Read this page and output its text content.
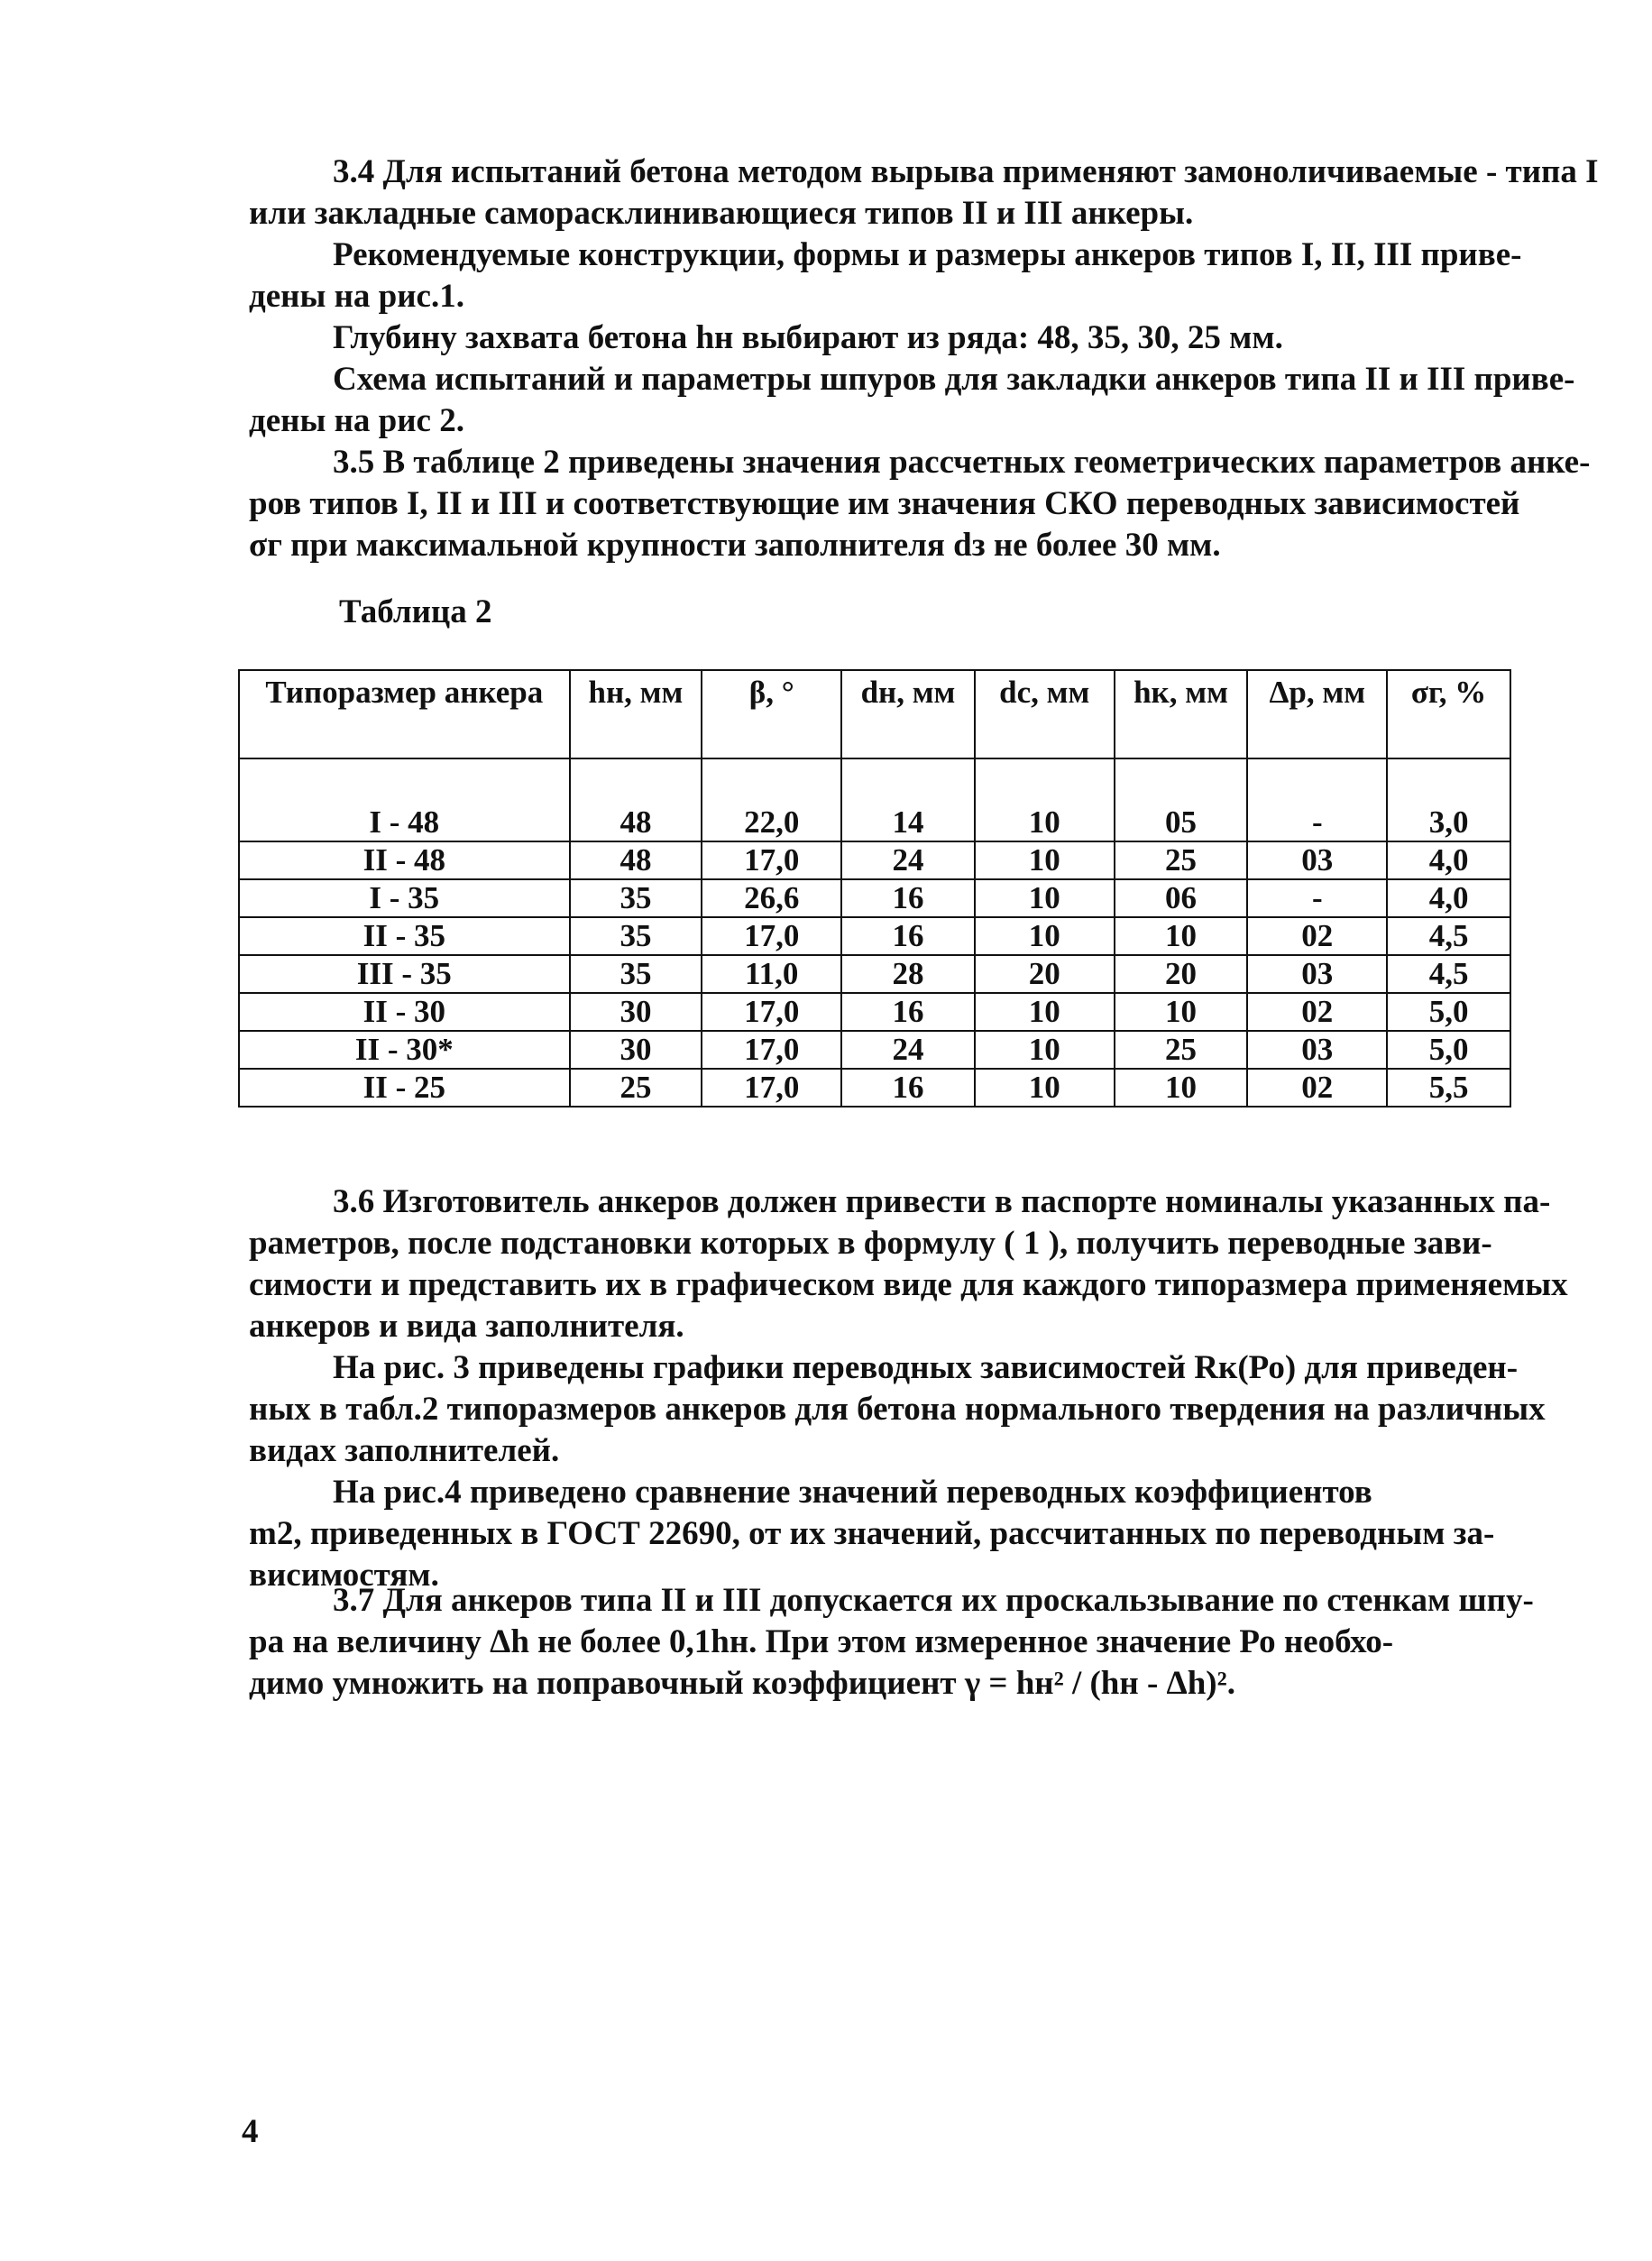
3.4 Для испытаний бетона методом вырыва применяют замоноличиваемые - типа I
или закладные саморасклинивающиеся типов II и III анкеры.
Рекомендуемые конструкции, формы и размеры анкеров типов I, II, III приве-
дены на рис.1.
Глубину захвата бетона hн выбирают из ряда: 48, 35, 30, 25 мм.
Схема испытаний и параметры шпуров для закладки анкеров типа II и III приве-
дены на рис 2.
3.5 В таблице 2 приведены значения рассчетных геометрических параметров анке-
ров типов I, II и III и соответствующие им значения СКО переводных зависимостей
σг при максимальной крупности заполнителя dз не более 30 мм.
Таблица 2
Типоразмер анкера	hн, мм	β, °	dн, мм	dc, мм	hк, мм	Δр, мм	σг, %
I - 48	48	22,0	14	10	05	-	3,0
II - 48	48	17,0	24	10	25	03	4,0
I - 35	35	26,6	16	10	06	-	4,0
II - 35	35	17,0	16	10	10	02	4,5
III - 35	35	11,0	28	20	20	03	4,5
II - 30	30	17,0	16	10	10	02	5,0
II - 30*	30	17,0	24	10	25	03	5,0
II - 25	25	17,0	16	10	10	02	5,5
3.6 Изготовитель анкеров должен привести в паспорте номиналы указанных па-
раметров, после подстановки которых в формулу ( 1 ), получить переводные зави-
симости и представить их в графическом виде для каждого типоразмера применяемых
анкеров и вида заполнителя.
На рис. 3 приведены графики переводных зависимостей Rк(Ро) для приведен-
ных в табл.2 типоразмеров анкеров для бетона нормального твердения на различных
видах заполнителей.
На рис.4 приведено сравнение значений переводных коэффициентов
m2, приведенных в ГОСТ 22690, от их значений, рассчитанных по переводным за-
висимостям.
3.7 Для анкеров типа II и III допускается их проскальзывание по стенкам шпу-
ра на величину Δh не более 0,1hн. При этом измеренное значение Ро необхо-
димо умножить на поправочный коэффициент γ = hн² / (hн - Δh)².
4
